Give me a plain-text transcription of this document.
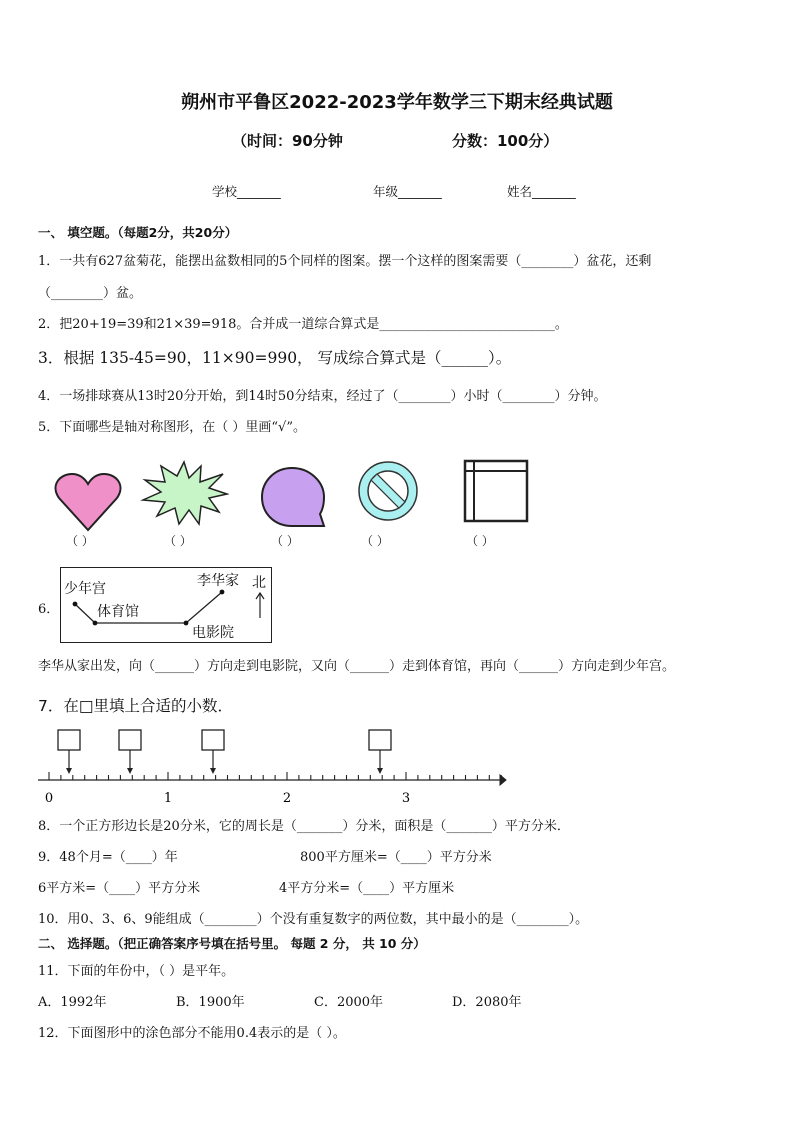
朔州市平鲁区2022-2023学年数学三下期末经典试题
（时间：90分钟	分数：100分）
学校_______	年级_______	姓名_______
一、 填空题。（每题2分，共20分）
1．一共有627盆菊花，能摆出盆数相同的5个同样的图案。摆一个这样的图案需要（________）盆花，还剩
（________）盆。
2．把20+19=39和21×39=918。合并成一道综合算式是___________________________。
3．根据 135-45=90，11×90=990， 写成综合算式是（______）。
4．一场排球赛从13时20分开始，到14时50分结束，经过了（________）小时（________）分钟。
5．下面哪些是轴对称图形，在（ ）里画“√”。
（ ）	（ ）	（ ）	（ ）	（ ）
6．
少年宫
体育馆
李华家
电影院
北
李华从家出发，向（______）方向走到电影院，又向（______）走到体育馆，再向（______）方向走到少年宫。
7．在□里填上合适的小数．
0	1	2	3
8．一个正方形边长是20分米，它的周长是（_______）分米，面积是（_______）平方分米．
9．48个月=（____）年	800平方厘米=（____）平方分米
6平方米=（____）平方分米	4平方分米=（____）平方厘米
10．用0、3、6、9能组成（________）个没有重复数字的两位数，其中最小的是（________）。
二、 选择题。（把正确答案序号填在括号里。 每题 2 分， 共 10 分）
11．下面的年份中，（ ）是平年。
A．1992年	B．1900年	C．2000年	D．2080年
12．下面图形中的涂色部分不能用0.4表示的是（ ）。
